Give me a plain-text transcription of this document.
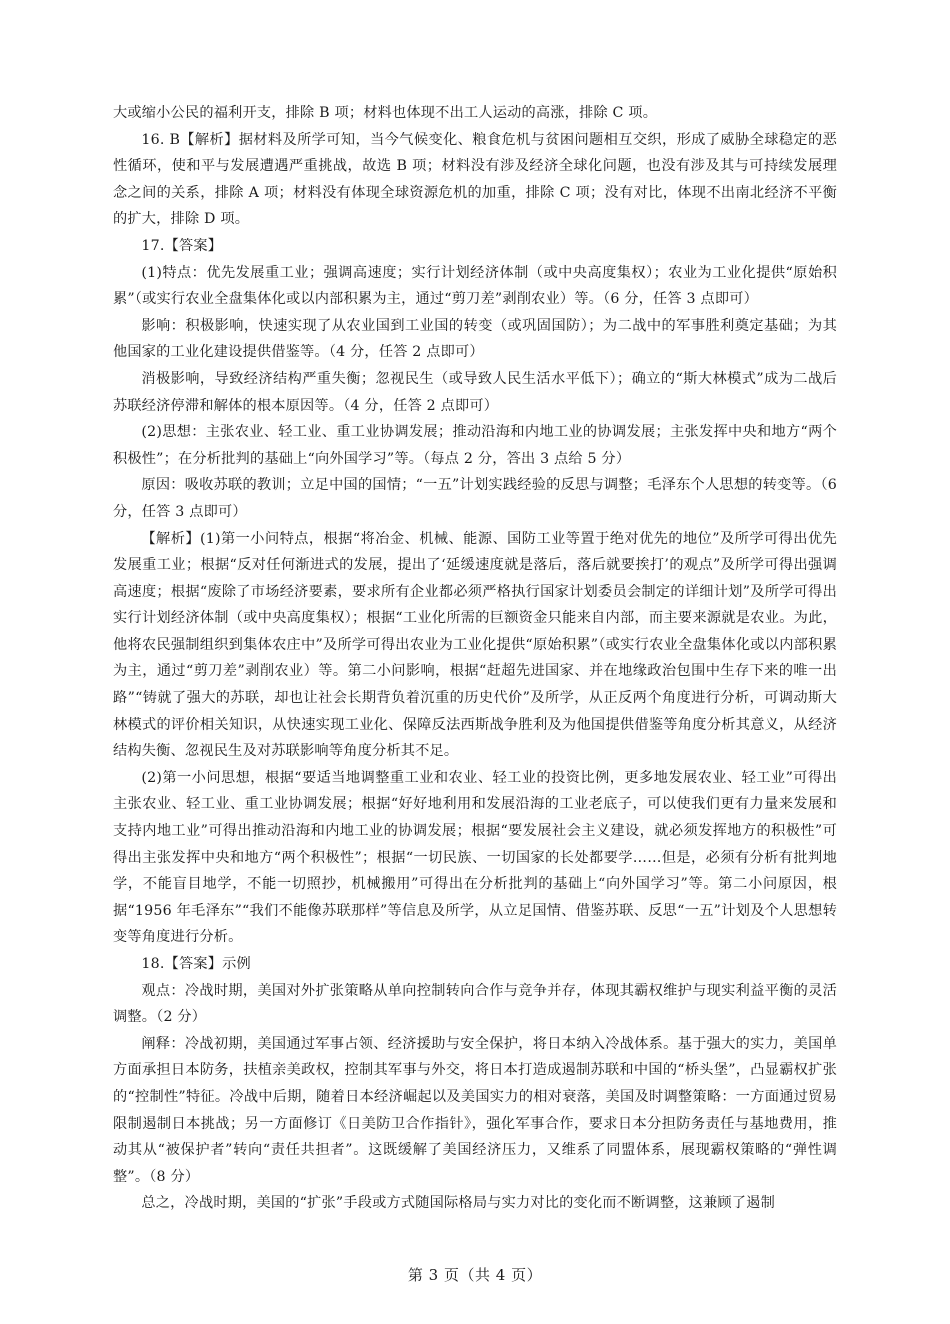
大或缩小公民的福利开支，排除 B 项；材料也体现不出工人运动的高涨，排除 C 项。

16. B【解析】据材料及所学可知，当今气候变化、粮食危机与贫困问题相互交织，形成了威胁全球稳定的恶性循环，使和平与发展遭遇严重挑战，故选 B 项；材料没有涉及经济全球化问题，也没有涉及其与可持续发展理念之间的关系，排除 A 项；材料没有体现全球资源危机的加重，排除 C 项；没有对比，体现不出南北经济不平衡的扩大，排除 D 项。

17.【答案】

(1)特点：优先发展重工业；强调高速度；实行计划经济体制（或中央高度集权）；农业为工业化提供“原始积累”（或实行农业全盘集体化或以内部积累为主，通过“剪刀差”剥削农业）等。（6 分，任答 3 点即可）

影响：积极影响，快速实现了从农业国到工业国的转变（或巩固国防）；为二战中的军事胜利奠定基础；为其他国家的工业化建设提供借鉴等。（4 分，任答 2 点即可）

消极影响，导致经济结构严重失衡；忽视民生（或导致人民生活水平低下）；确立的“斯大林模式”成为二战后苏联经济停滞和解体的根本原因等。（4 分，任答 2 点即可）

(2)思想：主张农业、轻工业、重工业协调发展；推动沿海和内地工业的协调发展；主张发挥中央和地方“两个积极性”；在分析批判的基础上“向外国学习”等。（每点 2 分，答出 3 点给 5 分）

原因：吸收苏联的教训；立足中国的国情；“一五”计划实践经验的反思与调整；毛泽东个人思想的转变等。（6 分，任答 3 点即可）

【解析】(1)第一小问特点，根据“将冶金、机械、能源、国防工业等置于绝对优先的地位”及所学可得出优先发展重工业；根据“反对任何渐进式的发展，提出了‘延缓速度就是落后，落后就要挨打’的观点”及所学可得出强调高速度；根据“废除了市场经济要素，要求所有企业都必须严格执行国家计划委员会制定的详细计划”及所学可得出实行计划经济体制（或中央高度集权）；根据“工业化所需的巨额资金只能来自内部，而主要来源就是农业。为此，他将农民强制组织到集体农庄中”及所学可得出农业为工业化提供“原始积累”（或实行农业全盘集体化或以内部积累为主，通过“剪刀差”剥削农业）等。第二小问影响，根据“赶超先进国家、并在地缘政治包围中生存下来的唯一出路”“铸就了强大的苏联，却也让社会长期背负着沉重的历史代价”及所学，从正反两个角度进行分析，可调动斯大林模式的评价相关知识，从快速实现工业化、保障反法西斯战争胜利及为他国提供借鉴等角度分析其意义，从经济结构失衡、忽视民生及对苏联影响等角度分析其不足。

(2)第一小问思想，根据“要适当地调整重工业和农业、轻工业的投资比例，更多地发展农业、轻工业”可得出主张农业、轻工业、重工业协调发展；根据“好好地利用和发展沿海的工业老底子，可以使我们更有力量来发展和支持内地工业”可得出推动沿海和内地工业的协调发展；根据“要发展社会主义建设，就必须发挥地方的积极性”可得出主张发挥中央和地方“两个积极性”；根据“一切民族、一切国家的长处都要学……但是，必须有分析有批判地学，不能盲目地学，不能一切照抄，机械搬用”可得出在分析批判的基础上“向外国学习”等。第二小问原因，根据“1956 年毛泽东”“我们不能像苏联那样”等信息及所学，从立足国情、借鉴苏联、反思“一五”计划及个人思想转变等角度进行分析。

18.【答案】示例

观点：冷战时期，美国对外扩张策略从单向控制转向合作与竞争并存，体现其霸权维护与现实利益平衡的灵活调整。（2 分）

阐释：冷战初期，美国通过军事占领、经济援助与安全保护，将日本纳入冷战体系。基于强大的实力，美国单方面承担日本防务，扶植亲美政权，控制其军事与外交，将日本打造成遏制苏联和中国的“桥头堡”，凸显霸权扩张的“控制性”特征。冷战中后期，随着日本经济崛起以及美国实力的相对衰落，美国及时调整策略：一方面通过贸易限制遏制日本挑战；另一方面修订《日美防卫合作指针》，强化军事合作，要求日本分担防务责任与基地费用，推动其从“被保护者”转向“责任共担者”。这既缓解了美国经济压力，又维系了同盟体系，展现霸权策略的“弹性调整”。（8 分）

总之，冷战时期，美国的“扩张”手段或方式随国际格局与实力对比的变化而不断调整，这兼顾了遏制

第 3 页（共 4 页）
